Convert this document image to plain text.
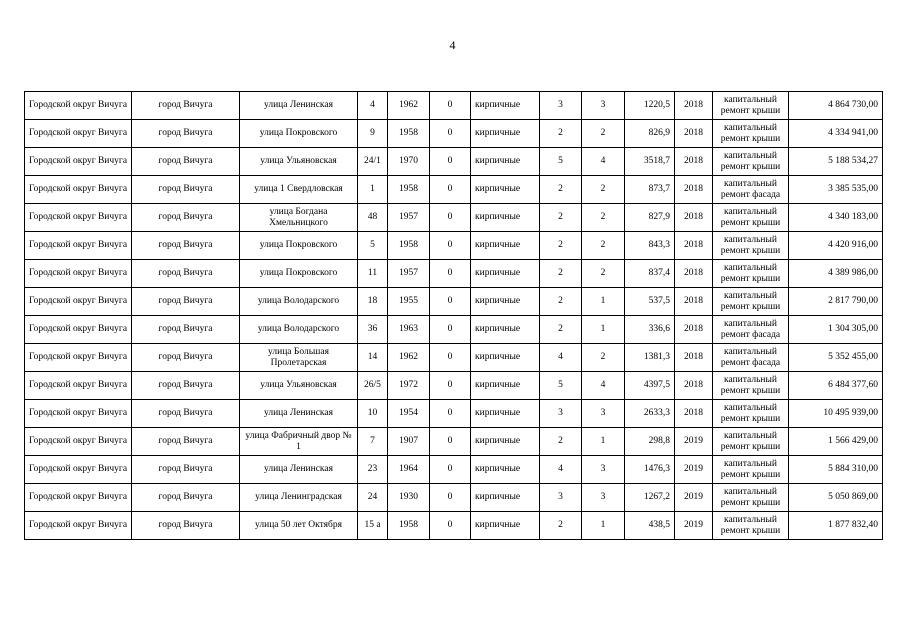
4
Городской округ Вичуга	город Вичуга	улица Ленинская	4	1962	0	кирпичные	3	3	1220,5	2018	капитальный ремонт крыши	4 864 730,00
Городской округ Вичуга	город Вичуга	улица Покровского	9	1958	0	кирпичные	2	2	826,9	2018	капитальный ремонт крыши	4 334 941,00
Городской округ Вичуга	город Вичуга	улица Ульяновская	24/1	1970	0	кирпичные	5	4	3518,7	2018	капитальный ремонт крыши	5 188 534,27
Городской округ Вичуга	город Вичуга	улица 1 Свердловская	1	1958	0	кирпичные	2	2	873,7	2018	капитальный ремонт фасада	3 385 535,00
Городской округ Вичуга	город Вичуга	улица Богдана Хмельницкого	48	1957	0	кирпичные	2	2	827,9	2018	капитальный ремонт крыши	4 340 183,00
Городской округ Вичуга	город Вичуга	улица Покровского	5	1958	0	кирпичные	2	2	843,3	2018	капитальный ремонт крыши	4 420 916,00
Городской округ Вичуга	город Вичуга	улица Покровского	11	1957	0	кирпичные	2	2	837,4	2018	капитальный ремонт крыши	4 389 986,00
Городской округ Вичуга	город Вичуга	улица Володарского	18	1955	0	кирпичные	2	1	537,5	2018	капитальный ремонт крыши	2 817 790,00
Городской округ Вичуга	город Вичуга	улица Володарского	36	1963	0	кирпичные	2	1	336,6	2018	капитальный ремонт фасада	1 304 305,00
Городской округ Вичуга	город Вичуга	улица Большая Пролетарская	14	1962	0	кирпичные	4	2	1381,3	2018	капитальный ремонт фасада	5 352 455,00
Городской округ Вичуга	город Вичуга	улица Ульяновская	26/5	1972	0	кирпичные	5	4	4397,5	2018	капитальный ремонт крыши	6 484 377,60
Городской округ Вичуга	город Вичуга	улица Ленинская	10	1954	0	кирпичные	3	3	2633,3	2018	капитальный ремонт крыши	10 495 939,00
Городской округ Вичуга	город Вичуга	улица Фабричный двор № 1	7	1907	0	кирпичные	2	1	298,8	2019	капитальный ремонт крыши	1 566 429,00
Городской округ Вичуга	город Вичуга	улица Ленинская	23	1964	0	кирпичные	4	3	1476,3	2019	капитальный ремонт крыши	5 884 310,00
Городской округ Вичуга	город Вичуга	улица Ленинградская	24	1930	0	кирпичные	3	3	1267,2	2019	капитальный ремонт крыши	5 050 869,00
Городской округ Вичуга	город Вичуга	улица 50 лет Октября	15 а	1958	0	кирпичные	2	1	438,5	2019	капитальный ремонт крыши	1 877 832,40
